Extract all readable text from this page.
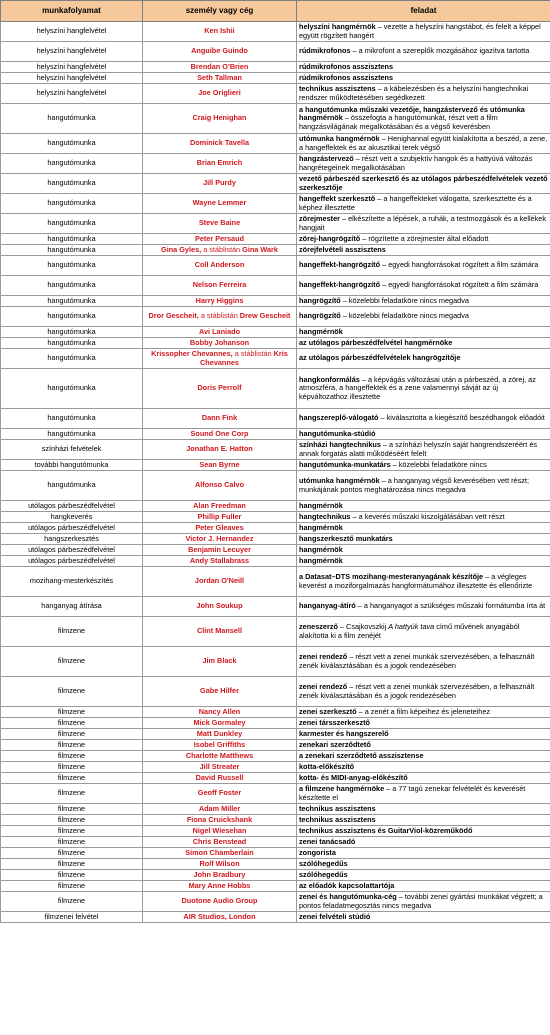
munkafolyamat	személy vagy cég	feladat
helyszíni hangfelvétel	Ken Ishii	helyszíni hangmérnök – vezette a helyszíni hangstábot, és felelt a képpel együtt rögzített hangért
helyszíni hangfelvétel	Anguibe Guindo	rúdmikrofonos – a mikrofont a szereplők mozgásához igazítva tartotta
helyszíni hangfelvétel	Brendan O'Brien	rúdmikrofonos asszisztens
helyszíni hangfelvétel	Seth Tallman	rúdmikrofonos asszisztens
helyszíni hangfelvétel	Joe Origlieri	technikus asszisztens – a kábelezésben és a helyszíni hangtechnikai rendszer működtetésében segédkezett
hangutómunka	Craig Henighan	a hangutómunka műszaki vezetője, hangzástervező és utómunka hangmérnök – összefogta a hangutómunkát, részt vett a film hangzásvilágának megalkotásában és a végső keverésben
hangutómunka	Dominick Tavella	utómunka hangmérnök – Henighannal együtt kialakította a beszéd, a zene, a hangeffektek és az akusztikai terek végső
hangutómunka	Brian Emrich	hangzástervező – részt vett a szubjektív hangok és a hattyúvá változás hangrétegeinek megalkotásában
hangutómunka	Jill Purdy	vezető párbeszéd szerkesztő és az utólagos párbeszédfelvételek vezető szerkesztője
hangutómunka	Wayne Lemmer	hangeffekt szerkesztő – a hangeffekteket válogatta, szerkesztette és a képhez illesztette
hangutómunka	Steve Baine	zörejmester – elkészítette a lépések, a ruhák, a testmozgások és a kellékek hangjait
hangutómunka	Peter Persaud	zörej-hangrögzítő – rögzítette a zörejmester által előadott
hangutómunka	Gina Gyles, a stáblistán Gina Wark	zörejfelvételi asszisztens
hangutómunka	Coll Anderson	hangeffekt-hangrögzítő – egyedi hangforrásokat rögzített a film számára
hangutómunka	Nelson Ferreira	hangeffekt-hangrögzítő – egyedi hangforrásokat rögzített a film számára
hangutómunka	Harry Higgins	hangrögzítő – közelebbi feladatköre nincs megadva
hangutómunka	Dror Gescheit, a stáblistán Drew Gescheit	hangrögzítő – közelebbi feladatköre nincs megadva
hangutómunka	Avi Laniado	hangmérnök
hangutómunka	Bobby Johanson	az utólagos párbeszédfelvétel hangmérnöke
hangutómunka	Krissopher Chevannes, a stáblistán Kris Chevannes	az utólagos párbeszédfelvételek hangrögzítője
hangutómunka	Doris Perrolf	hangkonformálás – a képvágás változásai után a párbeszéd, a zörej, az atmoszféra, a hangeffektek és a zene valamennyi sávját az új képváltozathoz illesztette
hangutómunka	Dann Fink	hangszereplő-válogató – kiválasztotta a kiegészítő beszédhangok előadóit
hangutómunka	Sound One Corp	hangutómunka-stúdió
színházi felvételek	Jonathan E. Hatton	színházi hangtechnikus – a színházi helyszín saját hangrendszeréért és annak forgatás alatti működéséért felelt
további hangutómunka	Sean Byrne	hangutómunka-munkatárs – közelebbi feladatköre nincs
hangutómunka	Alfonso Calvo	utómunka hangmérnök – a hanganyag végső keverésében vett részt; munkájának pontos meghatározása nincs megadva
utólagos párbeszédfelvétel	Alan Freedman	hangmérnök
hangkeverés	Phillip Fuller	hangtechnikus – a keverés műszaki kiszolgálásában vett részt
utólagos párbeszédfelvétel	Peter Gleaves	hangmérnök
hangszerkesztés	Victor J. Hernandez	hangszerkesztő munkatárs
utólagos párbeszédfelvétel	Benjamin Lecuyer	hangmérnök
utólagos párbeszédfelvétel	Andy Stallabrass	hangmérnök
mozihang-mesterkészítés	Jordan O'Neill	a Datasat–DTS mozihang-mesteranyagának készítője – a végleges keverést a moziforgalmazás hangformátumához illesztette és ellenőrizte
hanganyag átírása	John Soukup	hanganyag-átíró – a hanganyagot a szükséges műszaki formátumba írta át
filmzene	Clint Mansell	zeneszerző – Csajkovszkij A hattyúk tava című művének anyagából alakította ki a film zenéjét
filmzene	Jim Black	zenei rendező – részt vett a zenei munkák szervezésében, a felhasznált zenék kiválasztásában és a jogok rendezésében
filmzene	Gabe Hilfer	zenei rendező – részt vett a zenei munkák szervezésében, a felhasznált zenék kiválasztásában és a jogok rendezésében
filmzene	Nancy Allen	zenei szerkesztő – a zenét a film képeihez és jeleneteihez
filmzene	Mick Gormaley	zenei társszerkesztő
filmzene	Matt Dunkley	karmester és hangszerelő
filmzene	Isobel Griffiths	zenekari szerződtető
filmzene	Charlotte Matthews	a zenekari szerződtető asszisztense
filmzene	Jill Streater	kotta-előkészítő
filmzene	David Russell	kotta- és MIDI-anyag-előkészítő
filmzene	Geoff Foster	a filmzene hangmérnöke – a 77 tagú zenekar felvételét és keverését készítette el
filmzene	Adam Miller	technikus asszisztens
filmzene	Fiona Cruickshank	technikus asszisztens
filmzene	Nigel Wiesehan	technikus asszisztens és GuitarViol-közreműködő
filmzene	Chris Benstead	zenei tanácsadó
filmzene	Simon Chamberlain	zongorista
filmzene	Rolf Wilson	szólóhegedűs
filmzene	John Bradbury	szólóhegedűs
filmzene	Mary Anne Hobbs	az előadók kapcsolattartója
filmzene	Duotone Audio Group	zenei és hangutómunka-cég – további zenei gyártási munkákat végzett; a pontos feladatmegosztás nincs megadva
filmzenei felvétel	AIR Studios, London	zenei felvételi stúdió
